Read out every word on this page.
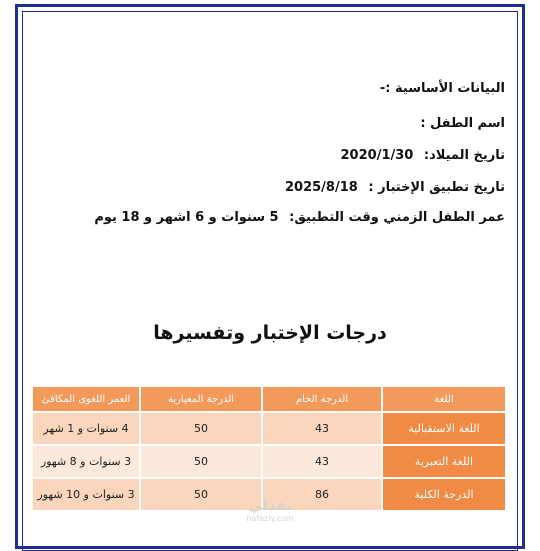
البيانات الأساسية :-
اسم الطفل :
تاريخ الميلاد: 2020/1/30
تاريخ تطبيق الإختبار : 2025/8/18
عمر الطفل الزمني وقت التطبيق: 5 سنوات و 6 اشهر و 18 يوم
درجات الإختبار وتفسيرها
اللغة	الدرجة الخام	الدرجة المعيارية	العمر اللغوى المكافئ
اللغة الاستقبالية	43	50	4 سنوات و 1 شهر
اللغة التعبرية	43	50	3 سنوات و 8 شهور
الدرجة الكلية	86	50	3 سنوات و 10 شهور
نفذلي
nafezly.com
